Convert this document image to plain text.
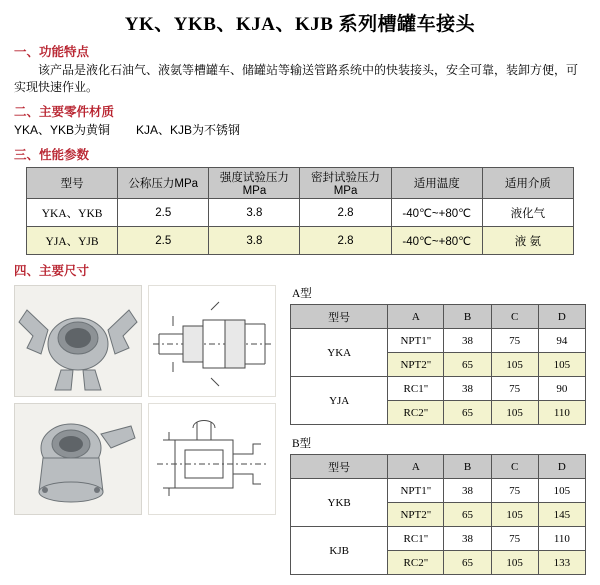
YK、YKB、KJA、KJB 系列槽罐车接头
一、功能特点
该产品是液化石油气、液氨等槽罐车、储罐站等输送管路系统中的快装接头，安全可靠，装卸方便，可实现快速作业。
二、主要零件材质
YKA、YKB为黄铜 KJA、KJB为不锈钢
三、性能参数
型号	公称压力MPa	强度试验压力MPa	密封试验压力MPa	适用温度	适用介质
YKA、YKB	2.5	3.8	2.8	-40℃~+80℃	液化气
YJA、YJB	2.5	3.8	2.8	-40℃~+80℃	液 氨
四、主要尺寸
A型
型号	A	B	C	D
YKA	NPT1"	38	75	94
	NPT2"	65	105	105
YJA	RC1"	38	75	90
	RC2"	65	105	110
B型
型号	A	B	C	D
YKB	NPT1"	38	75	105
	NPT2"	65	105	145
KJB	RC1"	38	75	110
	RC2"	65	105	133
